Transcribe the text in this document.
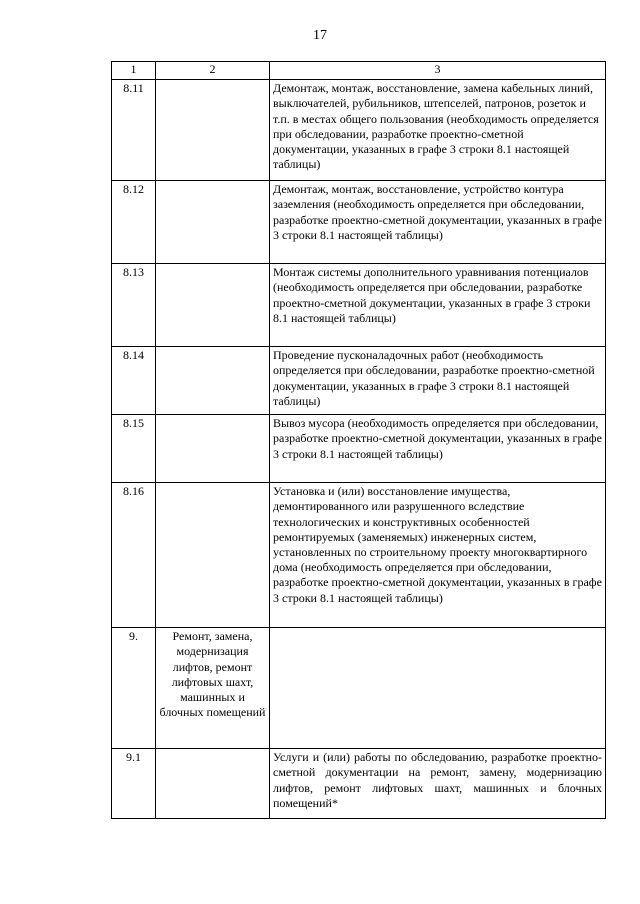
17
1	2	3
8.11		Демонтаж, монтаж, восстановление, замена кабельных линий, выключателей, рубильников, штепселей, патронов, розеток и т.п. в местах общего пользования (необходимость определяется при обследовании, разработке проектно-сметной документации, указанных в графе 3 строки 8.1 настоящей таблицы)
8.12		Демонтаж, монтаж, восстановление, устройство контура заземления (необходимость определяется при обследовании, разработке проектно-сметной документации, указанных в графе 3 строки 8.1 настоящей таблицы)
8.13		Монтаж системы дополнительного уравнивания потенциалов (необходимость определяется при обследовании, разработке проектно-сметной документации, указанных в графе 3 строки 8.1 настоящей таблицы)
8.14		Проведение пусконаладочных работ (необходимость определяется при обследовании, разработке проектно-сметной документации, указанных в графе 3 строки 8.1 настоящей таблицы)
8.15		Вывоз мусора (необходимость определяется при обследовании, разработке проектно-сметной документации, указанных в графе 3 строки 8.1 настоящей таблицы)
8.16		Установка и (или) восстановление имущества, демонтированного или разрушенного вследствие технологических и конструктивных особенностей ремонтируемых (заменяемых) инженерных систем, установленных по строительному проекту многоквартирного дома (необходимость определяется при обследовании, разработке проектно-сметной документации, указанных в графе 3 строки 8.1 настоящей таблицы)
9.	Ремонт, замена, модернизация лифтов, ремонт лифтовых шахт, машинных и блочных помещений	
9.1		Услуги и (или) работы по обследованию, разработке проектно-сметной документации на ремонт, замену, модернизацию лифтов, ремонт лифтовых шахт, машинных и блочных помещений*
